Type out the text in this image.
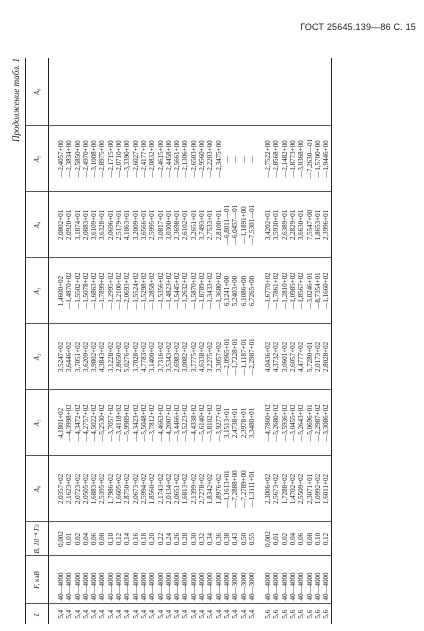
ГОСТ 25645.139—86 С. 15
Продолжение табл. 1
L	F, кэВ	B, 10⁻⁴ Гл	A₀	A₁	A₂	A₃	A₄	A₅	A₆

5,4	40—4000	0,002	2,0357+02	4,1801+02	3,5247+02	1,4600+02	2,0802+01	—2,4057+00	
5,4	40—4000	0,01	2,1623+02	—4,3998+02	3,6446+02	—1,4870+02	2,0920+01	—2,3834+00	
5,4	40—4000	0,02	2,0723+02	—4,3472+02	3,7051+02	—1,5502+02	3,1874+01	—2,5850+00	
5,4	40—4000	0,04	2,0505+02	—4,2757+02	3,6209+02	—1,5078+02	2,0883+01	—2,4970+00	
5,4	40—4000	0,06	1,6883+02	—4,5022+02	3,9802+02	—1,6863+02	3,6109+01	—3,1008+00	
5,4	40—4000	0,08	2,5395+02	—5,2530+02	4,3843+02	—1,7899+02	3,6328+01	—2,8975+00	
5,4	40—4000	0,10	1,7986+02	—3,7057+02	3,1228+02	—1,2995+02	2,0696+01	—2,1715+00	
5,4	40—4000	0,12	1,6605+02	—3,4118+02	2,8650+02	—1,2100+02	2,5179+01	—2,0710+00	
5,4	40—4000	0,14	2,8750+02	—5,9989+02	5,0276+02	—2,0693+02	4,1863+01	—3,3390+00	
5,4	40—4000	0,16	2,0673+02	—4,3423+02	3,7028+02	—1,5524+02	3,2009+01	—2,6027+00	
5,4	40—4000	0,18	2,5994+02	—5,5048+02	4,7783+02	—1,5298+02	3,6566+01	—2,4177+00	
5,4	40—4000	0,20	1,8560+02	—3,7812+02	3,1400+02	—1,2858+02	2,5995+01	—2,0832+00	
5,4	40—4000	0,22	2,1743+02	—4,4663+02	3,7316+02	—1,5356+02	3,0817+01	—2,4615+00	
5,4	40—4000	0,24	2,0134+02	—4,2007+02	3,5343+02	—1,4823+02	3,0300+01	—2,4458+00	
5,4	40—4000	0,26	2,0651+02	—3,4466+02	2,6983+02	—1,5445+02	2,3698+01	—2,5661+00	
5,4	40—4000	0,28	1,6813+02	—3,5223+02	3,0082+02	—1,2632+02	2,6102+01	—2,1306+00	
5,4	40—4000	0,30	2,1399+02	—4,4338+02	3,7775+02	—1,5870+02	3,2651+01	—2,6503+00	
5,4	40—4000	0,32	2,7278+02	—5,6140+02	4,6338+02	—1,8789+02	3,7493+01	—2,9560+00	
5,4	40—4000	0,34	1,8342+02	—3,8102+02	3,2275+02	—1,3433+02	2,7533+01	—2,2203+00	
5,4	40—4000	0,36	1,8976+02	—3,9277+02	3,3057+02	—1,3680+02	2,8100+01	—2,3475+00	
5,4	40—4000	0,38	—1,1613+01	3,1513+01	—2,0965+01	6,1241+00	—6,8011—01	—	
5,4	40—3000	0,43	—7,2888+00	2,4738+01	—1,7228+01	5,2403+00	—6,0457—01	—	
5,4	40—3000	0,50	—7,2789+00	2,3978+01	—1,1187+01	6,1086+00	—1,1891+00	—	
5,4	40—3000	0,55	—1,3111+01	3,3480+01	—2,2987+01	6,7265+00	—7,5301—01	—	

5,6	40—4000	0,002	2,3006+02	—4,7860+02	4,0436+02	—1,6770+02	3,4202+01	—2,7522+00	
5,6	40—4000	0,01	2,5673+02	—5,2680+02	4,3732+02	—1,7861+02	3,5930+01	—2,8568+00	
5,6	40—4000	0,02	1,7288+02	—3,5936+02	3,0601+02	—1,2810+02	2,6389+01	—2,1482+00	
5,6	40—4000	0,04	1,4702+02	—3,0455+02	2,6057+02	—1,0985+02	2,2829+01	—1,8773+00	
5,6	40—4000	0,06	2,5509+02	—5,2643+02	4,4777+02	—1,8567+02	3,6630+01	—3,0368+00	
5,6	40—4000	0,08	2,3071+01	—5,0696+01	5,7280+01	—3,0246+01	7,5547+00	—7,2630—01	
5,6	40—4000	0,10	1,0992+02	—2,2987+02	2,0173+02	—8,7354+01	1,8653+01	—1,5700+00	
5,6	40—4000	0,12	1,6011+02	—3,3086+02	2,8028+02	—1,1660+02	2,3996+01	—1,9446+00	
